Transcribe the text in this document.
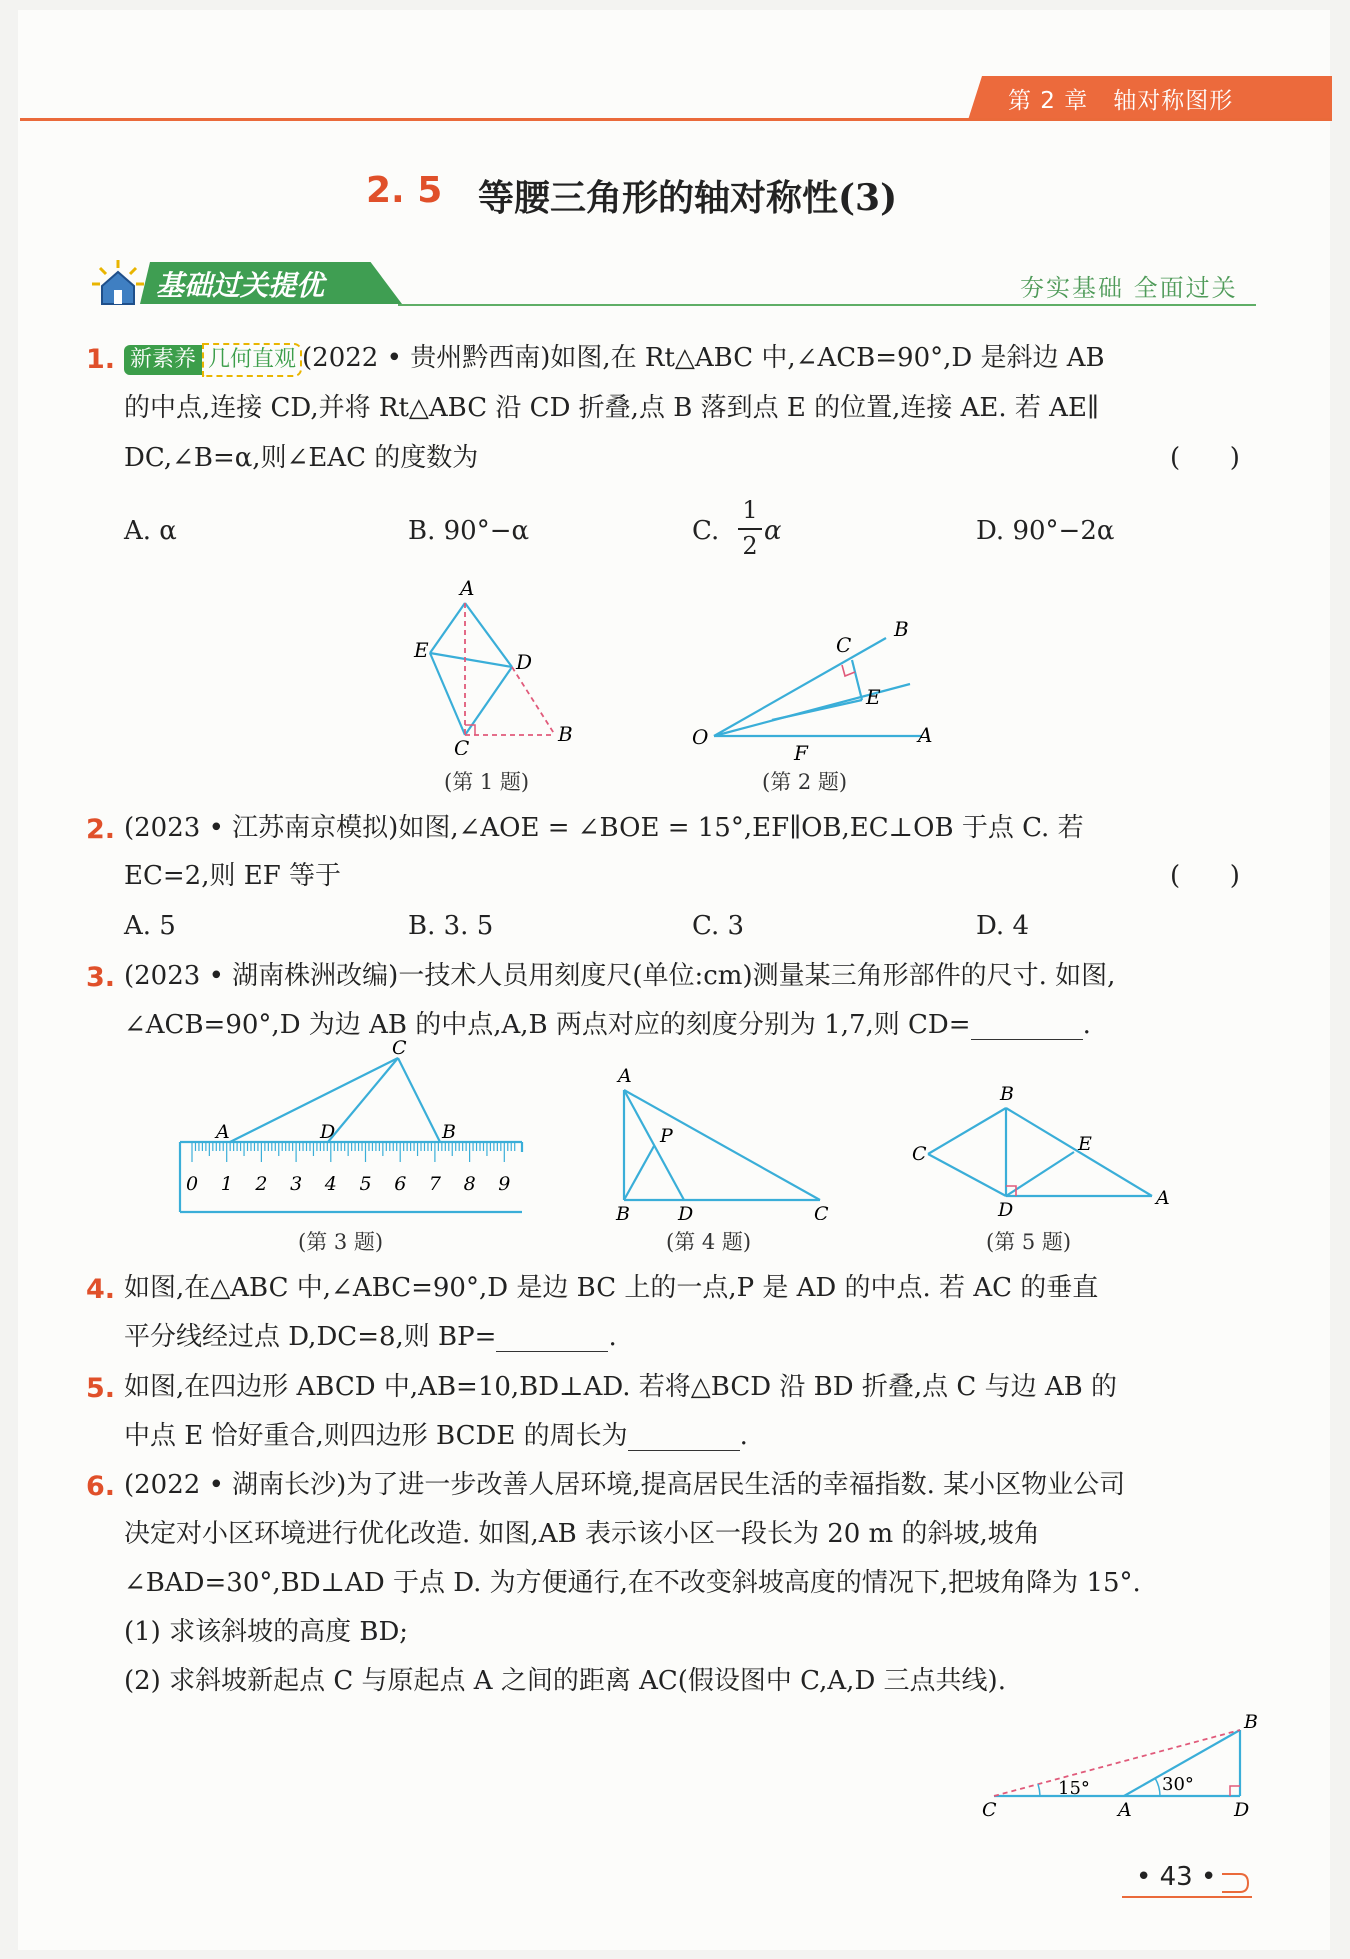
第 2 章   轴对称图形
2. 5 等腰三角形的轴对称性(3)
基础过关提优	夯实基础 全面过关
1. 新素养 几何直观 (2022 • 贵州黔西南)如图,在 Rt△ABC 中,∠ACB=90°,D 是斜边 AB
的中点,连接 CD,并将 Rt△ABC 沿 CD 折叠,点 B 落到点 E 的位置,连接 AE. 若 AE∥
DC,∠B=α,则∠EAC 的度数为	(      )
A. α	B. 90°−α	C.
1
2 α	D. 90°−2α
A
E	D
B
C
(第 1 题)
O
B
C
E
A
F
(第 2 题)
2. (2023 • 江苏南京模拟)如图,∠AOE = ∠BOE = 15°,EF∥OB,EC⊥OB 于点 C. 若
EC=2,则 EF 等于	(      )
A. 5	B. 3. 5	C. 3	D. 4
3. (2023 • 湖南株洲改编)一技术人员用刻度尺(单位:cm)测量某三角形部件的尺寸. 如图,
∠ACB=90°,D 为边 AB 的中点,A,B 两点对应的刻度分别为 1,7,则 CD=	.
A	D	B
C
0 1 2 3 4 5 6 7 8 9
(第 3 题)
A
P
B	D	C
(第 4 题)
B
C	E
A
D
(第 5 题)
4. 如图,在△ABC 中,∠ABC=90°,D 是边 BC 上的一点,P 是 AD 的中点. 若 AC 的垂直
平分线经过点 D,DC=8,则 BP=	.
5. 如图,在四边形 ABCD 中,AB=10,BD⊥AD. 若将△BCD 沿 BD 折叠,点 C 与边 AB 的
中点 E 恰好重合,则四边形 BCDE 的周长为	.
6. (2022 • 湖南长沙)为了进一步改善人居环境,提高居民生活的幸福指数. 某小区物业公司
决定对小区环境进行优化改造. 如图,AB 表示该小区一段长为 20 m 的斜坡,坡角
∠BAD=30°,BD⊥AD 于点 D. 为方便通行,在不改变斜坡高度的情况下,把坡角降为 15°.
(1) 求该斜坡的高度 BD;
(2) 求斜坡新起点 C 与原起点 A 之间的距离 AC(假设图中 C,A,D 三点共线).
15°	30°
C	A	D
B
• 43 •
